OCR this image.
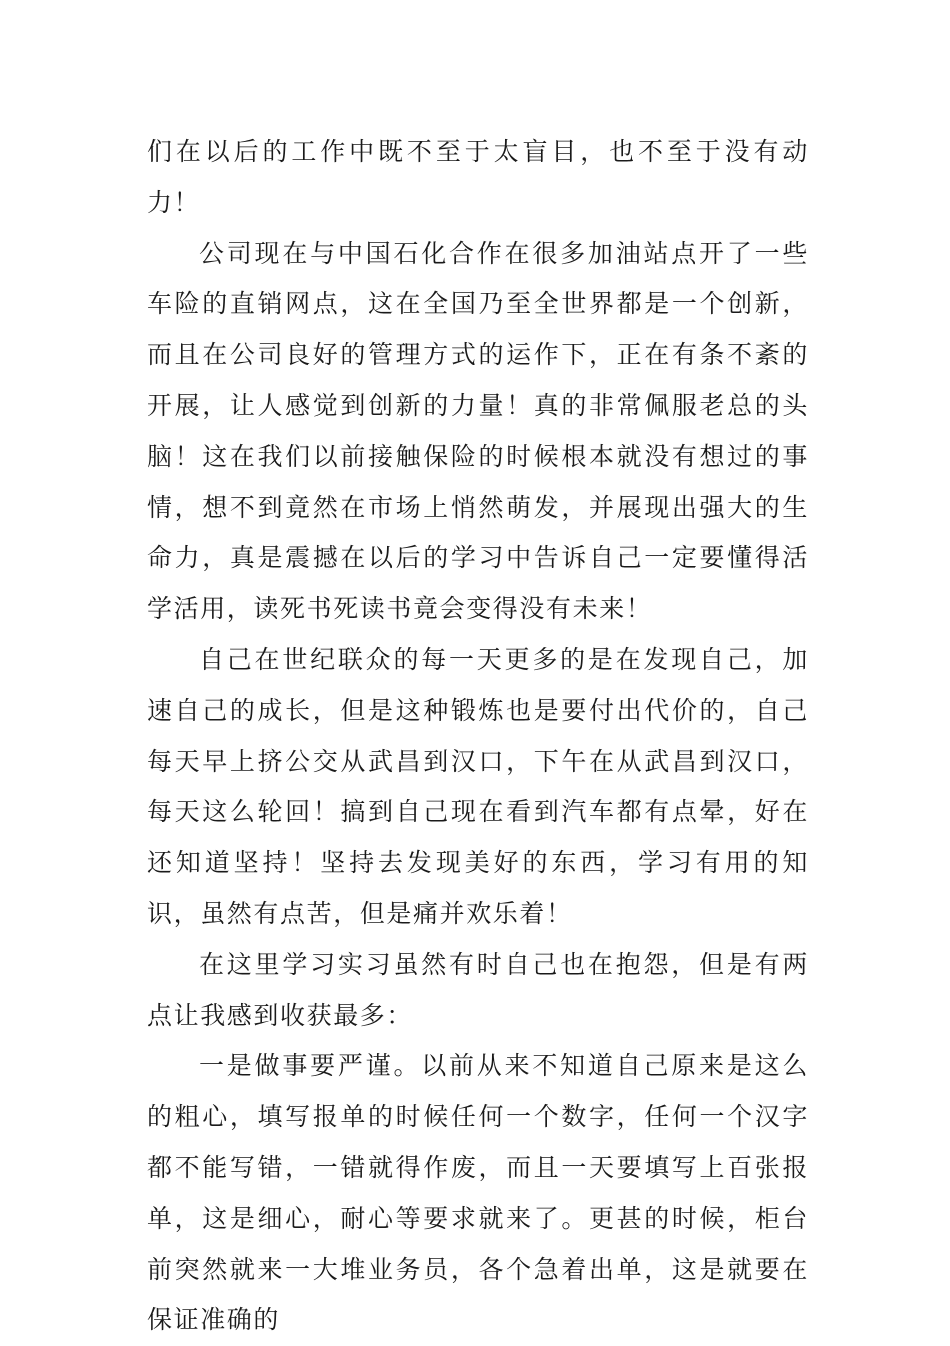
们在以后的工作中既不至于太盲目，也不至于没有动力！

公司现在与中国石化合作在很多加油站点开了一些车险的直销网点，这在全国乃至全世界都是一个创新，而且在公司良好的管理方式的运作下，正在有条不紊的开展，让人感觉到创新的力量！真的非常佩服老总的头脑！这在我们以前接触保险的时候根本就没有想过的事情，想不到竟然在市场上悄然萌发，并展现出强大的生命力，真是震撼在以后的学习中告诉自己一定要懂得活学活用，读死书死读书竟会变得没有未来！

自己在世纪联众的每一天更多的是在发现自己，加速自己的成长，但是这种锻炼也是要付出代价的，自己每天早上挤公交从武昌到汉口，下午在从武昌到汉口，每天这么轮回！搞到自己现在看到汽车都有点晕，好在还知道坚持！坚持去发现美好的东西，学习有用的知识，虽然有点苦，但是痛并欢乐着！

在这里学习实习虽然有时自己也在抱怨，但是有两点让我感到收获最多：

一是做事要严谨。以前从来不知道自己原来是这么的粗心，填写报单的时候任何一个数字，任何一个汉字都不能写错，一错就得作废，而且一天要填写上百张报单，这是细心，耐心等要求就来了。更甚的时候，柜台前突然就来一大堆业务员，各个急着出单，这是就要在保证准确的
